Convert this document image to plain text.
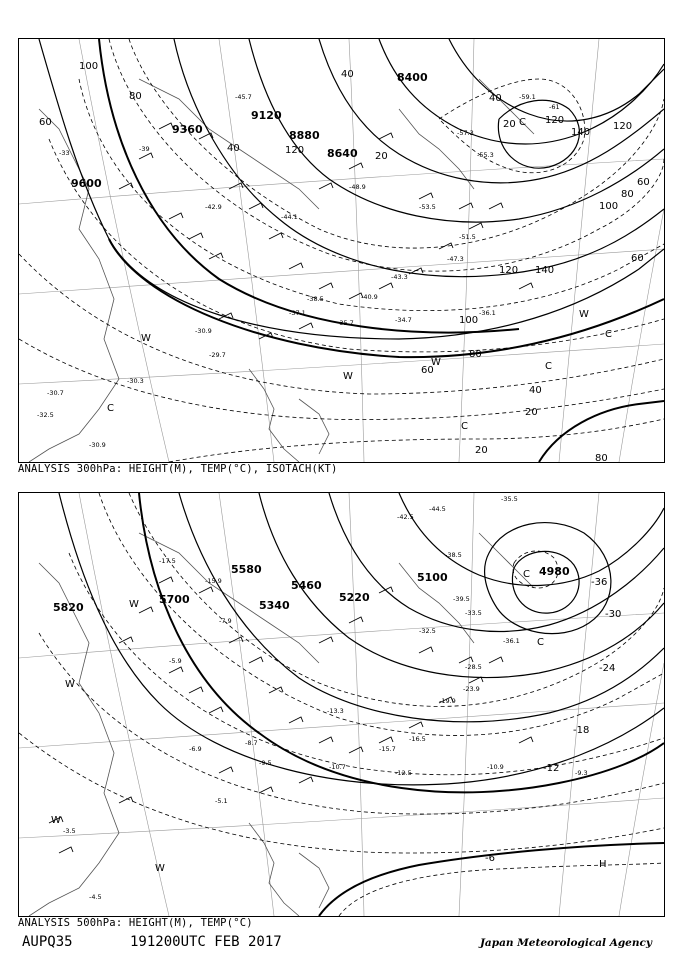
9600
9360
9120
8880
8640
8400
100
80
60
40	120
40
20
120 140
100
80
60
140
120
100
120
80
60
40
20
20
80
60
40
20
-33	-39
-42.9
-45.7
-44.1
-48.9
-51.5
-55.3
-57.3
-59.1
-61
-53.5
-47.3
-43.3
-40.9
-38.5
-37.1
-35.7	-34.7
-36.1
-30.9
-29.7
-30.3
-30.7
-32.5
-30.9
W
W
W
W
C
C
C
C
C
ANALYSIS 300hPa: HEIGHT(M), TEMP(°C), ISOTACH(KT)
5820
5700
5580
5460
5340
5220
5100	4980
-36
-30
-24
-18
-12
-6
-44.5
-42.5
-38.5
-36.1
-35.5
-39.5
-33.5
-32.5
-28.5
-23.9
-19.9
-17.5
-15.9
-13.3
-10.9
-9.3
-7.9
-5.9
-4.5
-3.5
-12.5
-15.7
-16.5
-10.7
-9.5
-8.7
-6.9
-5.1
W
W
W
W
C
C
H
ANALYSIS 500hPa: HEIGHT(M), TEMP(°C)
AUPQ35	191200UTC FEB 2017	Japan Meteorological Agency
